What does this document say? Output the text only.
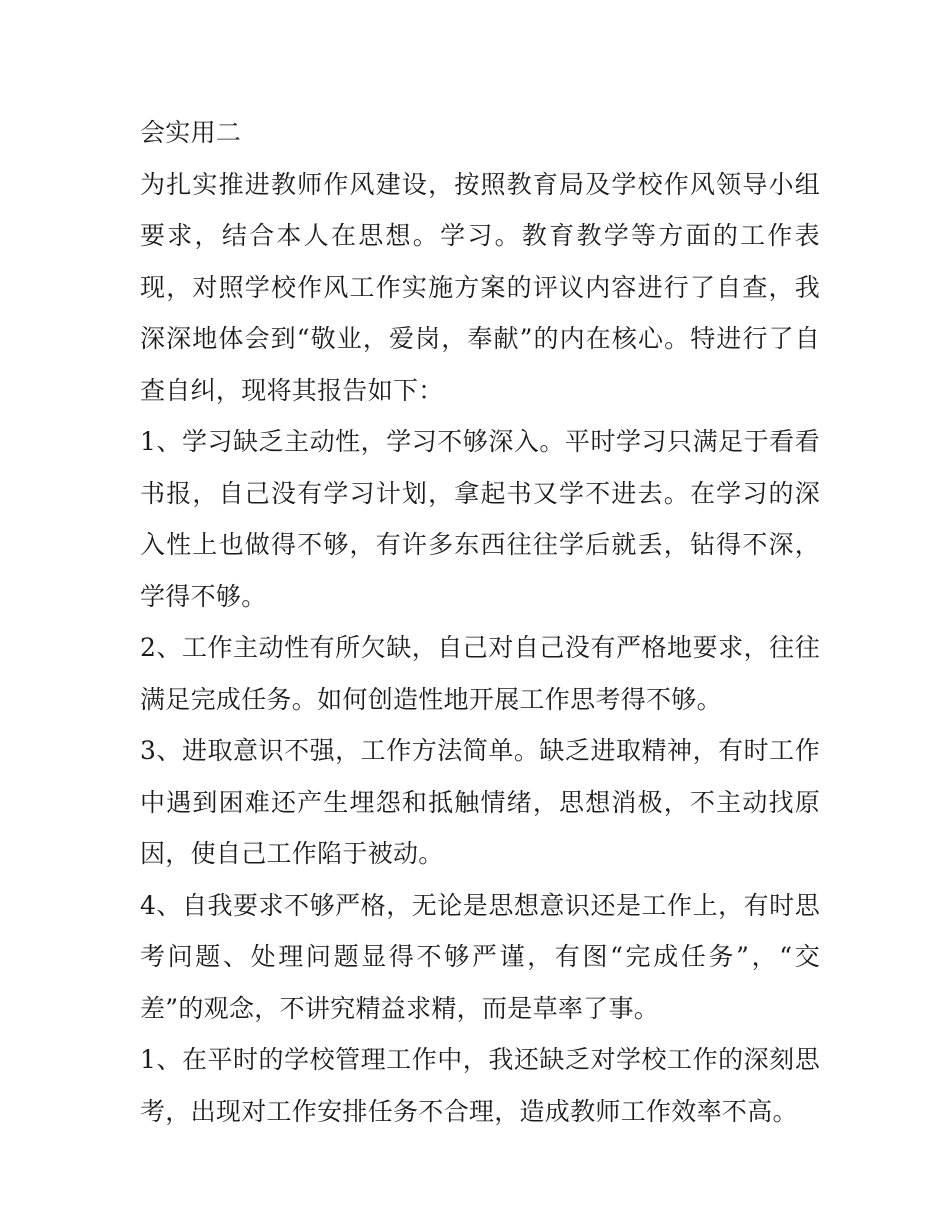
会实用二

为扎实推进教师作风建设，按照教育局及学校作风领导小组要求，结合本人在思想。学习。教育教学等方面的工作表现，对照学校作风工作实施方案的评议内容进行了自查，我深深地体会到“敬业，爱岗，奉献”的内在核心。特进行了自查自纠，现将其报告如下：

1、学习缺乏主动性，学习不够深入。平时学习只满足于看看书报，自己没有学习计划，拿起书又学不进去。在学习的深入性上也做得不够，有许多东西往往学后就丢，钻得不深，学得不够。

2、工作主动性有所欠缺，自己对自己没有严格地要求，往往满足完成任务。如何创造性地开展工作思考得不够。

3、进取意识不强，工作方法简单。缺乏进取精神，有时工作中遇到困难还产生埋怨和抵触情绪，思想消极，不主动找原因，使自己工作陷于被动。

4、自我要求不够严格，无论是思想意识还是工作上，有时思考问题、处理问题显得不够严谨，有图“完成任务”，“交差”的观念，不讲究精益求精，而是草率了事。

1、在平时的学校管理工作中，我还缺乏对学校工作的深刻思考，出现对工作安排任务不合理，造成教师工作效率不高。
